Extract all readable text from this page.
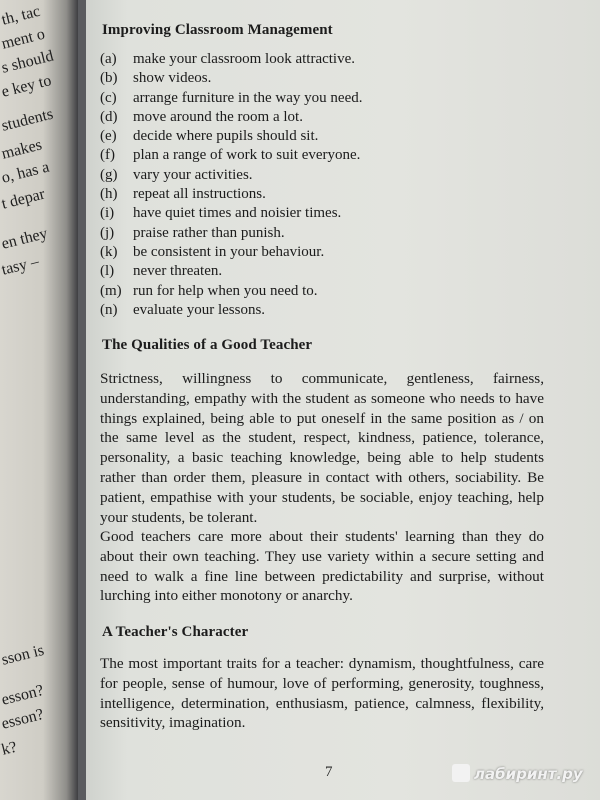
th, tac
ment o
s should
e key to
students
makes
o, has a
t depar
en they
tasy –
sson is
esson?
esson?
k?
Improving Classroom Management
(a)	make your classroom look attractive.
(b)	show videos.
(c)	arrange furniture in the way you need.
(d)	move around the room a lot.
(e)	decide where pupils should sit.
(f)	plan a range of work to suit everyone.
(g)	vary your activities.
(h)	repeat all instructions.
(i)	have quiet times and noisier times.
(j)	praise rather than punish.
(k)	be consistent in your behaviour.
(l)	never threaten.
(m) run for help when you need to.
(n)	evaluate your lessons.
The Qualities of a Good Teacher

Strictness, willingness to communicate, gentleness, fairness, understanding, empathy with the student as someone who needs to have things explained, being able to put oneself in the same position as / on the same level as the student, respect, kindness, patience, tolerance, personality, a basic teaching knowledge, being able to help students rather than order them, pleasure in contact with others, sociability. Be patient, empathise with your students, be sociable, enjoy teaching, help your students, be tolerant.

Good teachers care more about their students' learning than they do about their own teaching. They use variety within a secure setting and need to walk a fine line between predictability and surprise, without lurching into either monotony or anarchy.

A Teacher's Character

The most important traits for a teacher: dynamism, thoughtfulness, care for people, sense of humour, love of performing, generosity, toughness, intelligence, determination, enthusiasm, patience, calmness, flexibility, sensitivity, imagination.

7	лабиринт.ру
